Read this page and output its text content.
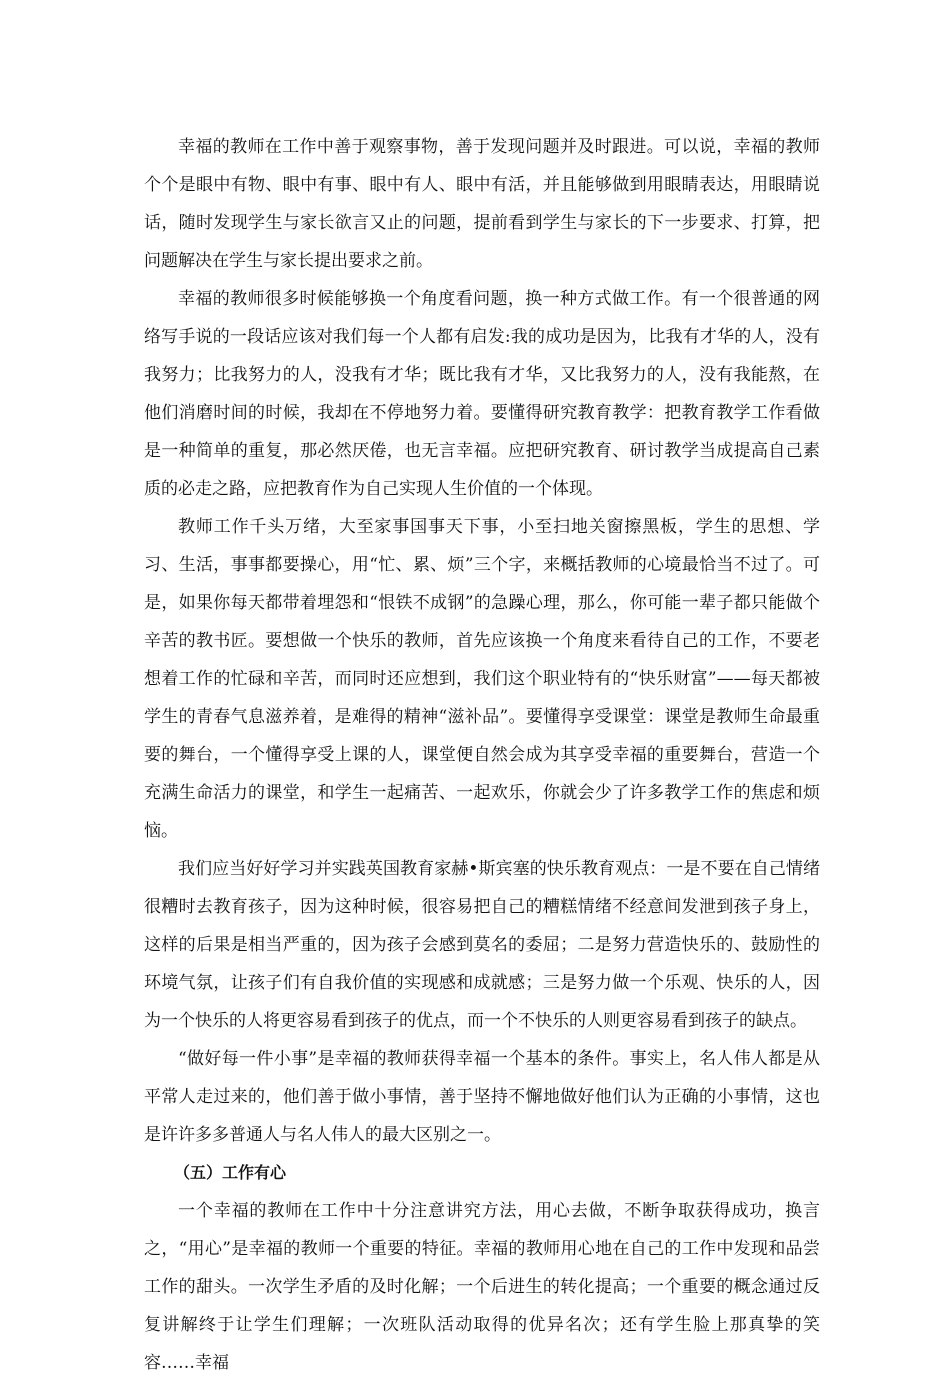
幸福的教师在工作中善于观察事物，善于发现问题并及时跟进。可以说，幸福的教师个个是眼中有物、眼中有事、眼中有人、眼中有活，并且能够做到用眼睛表达，用眼睛说话，随时发现学生与家长欲言又止的问题，提前看到学生与家长的下一步要求、打算，把问题解决在学生与家长提出要求之前。

幸福的教师很多时候能够换一个角度看问题，换一种方式做工作。有一个很普通的网络写手说的一段话应该对我们每一个人都有启发:我的成功是因为，比我有才华的人，没有我努力；比我努力的人，没我有才华；既比我有才华，又比我努力的人，没有我能熬，在他们消磨时间的时候，我却在不停地努力着。要懂得研究教育教学：把教育教学工作看做是一种简单的重复，那必然厌倦，也无言幸福。应把研究教育、研讨教学当成提高自己素质的必走之路，应把教育作为自己实现人生价值的一个体现。

教师工作千头万绪，大至家事国事天下事，小至扫地关窗擦黑板，学生的思想、学习、生活，事事都要操心，用“忙、累、烦”三个字，来概括教师的心境最恰当不过了。可是，如果你每天都带着埋怨和“恨铁不成钢”的急躁心理，那么，你可能一辈子都只能做个辛苦的教书匠。要想做一个快乐的教师，首先应该换一个角度来看待自己的工作，不要老想着工作的忙碌和辛苦，而同时还应想到，我们这个职业特有的“快乐财富”——每天都被学生的青春气息滋养着，是难得的精神“滋补品”。要懂得享受课堂：课堂是教师生命最重要的舞台，一个懂得享受上课的人，课堂便自然会成为其享受幸福的重要舞台，营造一个充满生命活力的课堂，和学生一起痛苦、一起欢乐，你就会少了许多教学工作的焦虑和烦恼。

我们应当好好学习并实践英国教育家赫•斯宾塞的快乐教育观点：一是不要在自己情绪很糟时去教育孩子，因为这种时候，很容易把自己的糟糕情绪不经意间发泄到孩子身上，这样的后果是相当严重的，因为孩子会感到莫名的委屈；二是努力营造快乐的、鼓励性的环境气氛，让孩子们有自我价值的实现感和成就感；三是努力做一个乐观、快乐的人，因为一个快乐的人将更容易看到孩子的优点，而一个不快乐的人则更容易看到孩子的缺点。

“做好每一件小事”是幸福的教师获得幸福一个基本的条件。事实上，名人伟人都是从平常人走过来的，他们善于做小事情，善于坚持不懈地做好他们认为正确的小事情，这也是许许多多普通人与名人伟人的最大区别之一。

（五）工作有心

一个幸福的教师在工作中十分注意讲究方法，用心去做，不断争取获得成功，换言之，“用心”是幸福的教师一个重要的特征。幸福的教师用心地在自己的工作中发现和品尝工作的甜头。一次学生矛盾的及时化解；一个后进生的转化提高；一个重要的概念通过反复讲解终于让学生们理解；一次班队活动取得的优异名次；还有学生脸上那真挚的笑容……幸福
